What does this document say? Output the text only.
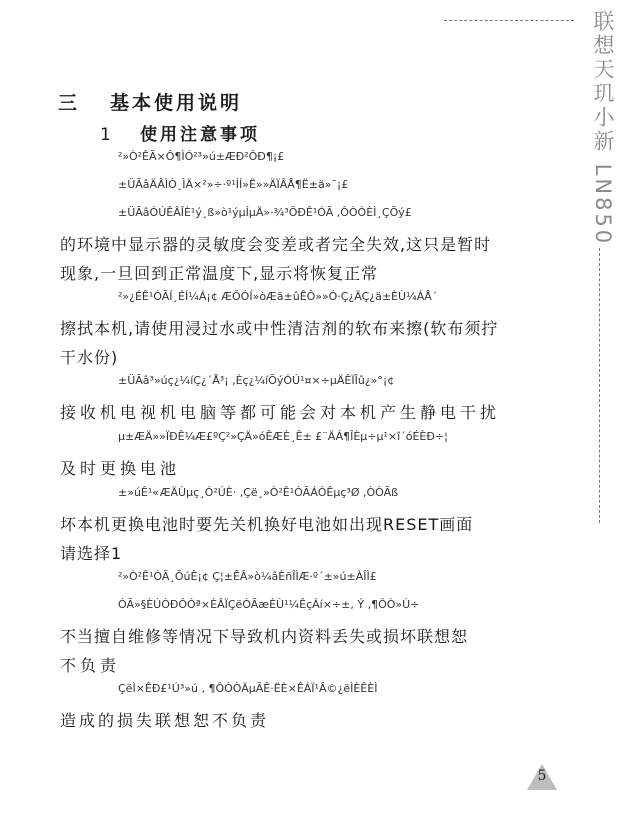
联想天玑小新 LN850
三 基本使用说明
1 使用注意事项
²»Ò²ÊÃ×Ô¶ÌÓ²³»ú±ÆÐ²ÔÐ¶¡£
±ÜÃâÄÂÌÒ¸ÌÄ×²»÷·º¹ÍÍ»Ë»»ÄÏÂÅ¶Ë±ä»¯¡£
±ÜÃâÓÚÊÂÎÈ¹ý¸ß»ò¹ýµÍµÄ»·¾³ÖÐÊ¹ÓÃ ,ÔÒÒÈÌ¸ÇÕý£
的环境中显示器的灵敏度会变差或者完全失效,这只是暂时
现象,一旦回到正常温度下,显示将恢复正常
²»¿ÉÊ¹ÓÃÍ¸ÉÍ¼Á¡¢ ÆÕÓÍ»òÆä±ûÊÔ»»Ó·Ç¿ÄÇ¿ä±ÈÙ¼ÁÅ´
擦拭本机,请使用浸过水或中性清洁剂的软布来擦(软布须拧
干水份)
±ÜÃâ³»úç¿¼íÇ¿´Å³¡ ,Èç¿¼íÕýÓÚ¹¤×÷µÄÊÏÎû¿»°¡¢
接收机电视机电脑等都可能会对本机产生静电干扰
µ±ÆÄ»»ÏÐÊ¼Æ£ºÇ²»ÇÄ»óÊÆÈ¸Ê± £¨ÄÁ¶ÎÈµ÷µ¹×î´óÉÈÐ÷¦
及时更换电池
±»úÊ¹«ÆÄÙµç¸Ó²ÚÈ· ,Çë¸»Ò²Ê¹ÓÃÁÓÊµç³Ø ,ÒÒÃß
坏本机更换电池时要先关机换好电池如出现RESET画面
请选择1
²»Ò²Ê¹ÓÃ¸ÕúÊ¡¢ Ç¦±ÊÂ»ò¼âÈñÎÌÆ·º´±»ú±ÀÎÌ£
ÓÃ»§ÈÚÒÐÔÓª×ÈÂÏÇëÓÃæÈÙ¹¼ÊçÁí×÷±, Ý ,¶ÔÒ»Ù÷
不当擅自维修等情况下导致机内资料丢失或损坏联想恕
不负责
ÇëÌ×ÊÐ£¹Ú³»ú , ¶ÔÒÒÄµÃÊ·ËÈ×ÊÁÏ¹Â©¿ëÌÈÊÈÌ
造成的损失联想恕不负责
5
